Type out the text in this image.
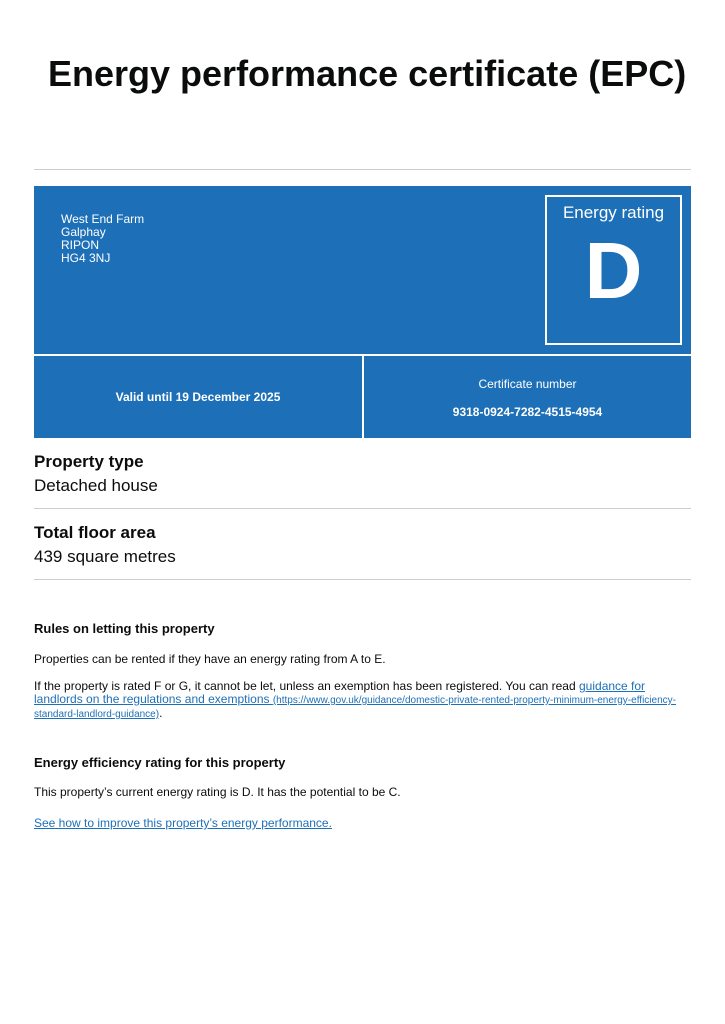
Energy performance certificate (EPC)
West End Farm
Galphay
RIPON
HG4 3NJ
Energy rating
D
Valid until 19 December 2025
Certificate number
9318-0924-7282-4515-4954
Property type
Detached house
Total floor area
439 square metres
Rules on letting this property

Properties can be rented if they have an energy rating from A to E.

If the property is rated F or G, it cannot be let, unless an exemption has been registered. You can read guidance for landlords on the regulations and exemptions (https://www.gov.uk/guidance/domestic-private-rented-property-minimum-energy-efficiency-standard-landlord-guidance).

Energy efficiency rating for this property

This property’s current energy rating is D. It has the potential to be C.

See how to improve this property’s energy performance.
